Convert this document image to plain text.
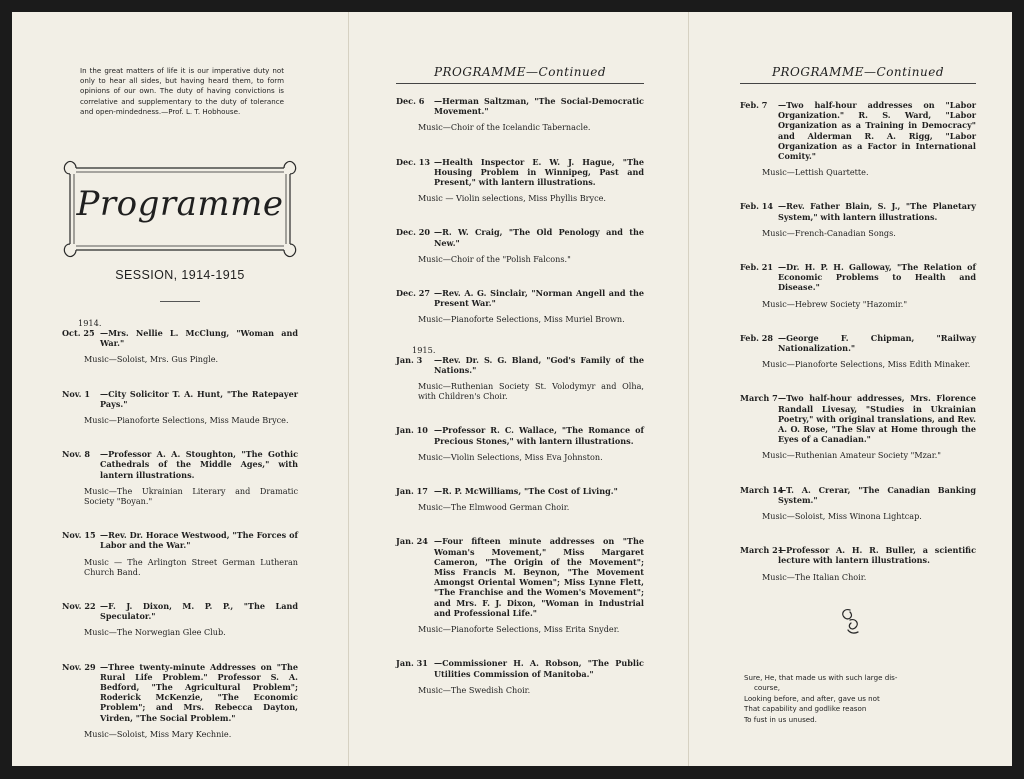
In the great matters of life it is our imperative duty not only to hear all sides, but having heard them, to form opinions of our own. The duty of having convictions is correlative and supplementary to the duty of tolerance and open-mindedness.—Prof. L. T. Hobhouse.

Programme
SESSION, 1914-1915

1914.

Oct. 25 —Mrs. Nellie L. McClung, "Woman and War."

Music—Soloist, Mrs. Gus Pingle.

Nov. 1 —City Solicitor T. A. Hunt, "The Ratepayer Pays."

Music—Pianoforte Selections, Miss Maude Bryce.

Nov. 8 —Professor A. A. Stoughton, "The Gothic Cathedrals of the Middle Ages," with lantern illustrations.

Music—The Ukrainian Literary and Dramatic Society "Boyan."

Nov. 15 —Rev. Dr. Horace Westwood, "The Forces of Labor and the War."

Music — The Arlington Street German Lutheran Church Band.

Nov. 22 —F. J. Dixon, M. P. P., "The Land Speculator."

Music—The Norwegian Glee Club.

Nov. 29 —Three twenty-minute Addresses on "The Rural Life Problem." Professor S. A. Bedford, "The Agricultural Problem"; Roderick McKenzie, "The Economic Problem"; and Mrs. Rebecca Dayton, Virden, "The Social Problem."

Music—Soloist, Miss Mary Kechnie.

PROGRAMME—Continued

Dec. 6 —Herman Saltzman, "The Social-Democratic Movement."

Music—Choir of the Icelandic Tabernacle.

Dec. 13 —Health Inspector E. W. J. Hague, "The Housing Problem in Winnipeg, Past and Present," with lantern illustrations.

Music — Violin selections, Miss Phyllis Bryce.

Dec. 20 —R. W. Craig, "The Old Penology and the New."

Music—Choir of the "Polish Falcons."

Dec. 27 —Rev. A. G. Sinclair, "Norman Angell and the Present War."

Music—Pianoforte Selections, Miss Muriel Brown.

1915.

Jan. 3 —Rev. Dr. S. G. Bland, "God's Family of the Nations."

Music—Ruthenian Society St. Volodymyr and Olha, with Children's Choir.

Jan. 10 —Professor R. C. Wallace, "The Romance of Precious Stones," with lantern illustrations.

Music—Violin Selections, Miss Eva Johnston.

Jan. 17 —R. P. McWilliams, "The Cost of Living."

Music—The Elmwood German Choir.

Jan. 24 —Four fifteen minute addresses on "The Woman's Movement," Miss Margaret Cameron, "The Origin of the Movement"; Miss Francis M. Beynon, "The Movement Amongst Oriental Women"; Miss Lynne Flett, "The Franchise and the Women's Movement"; and Mrs. F. J. Dixon, "Woman in Industrial and Professional Life."

Music—Pianoforte Selections, Miss Erita Snyder.

Jan. 31 —Commissioner H. A. Robson, "The Public Utilities Commission of Manitoba."

Music—The Swedish Choir.

PROGRAMME—Continued

Feb. 7 —Two half-hour addresses on "Labor Organization." R. S. Ward, "Labor Organization as a Training in Democracy" and Alderman R. A. Rigg, "Labor Organization as a Factor in International Comity."

Music—Lettish Quartette.

Feb. 14 —Rev. Father Blain, S. J., "The Planetary System," with lantern illustrations.

Music—French-Canadian Songs.

Feb. 21 —Dr. H. P. H. Galloway, "The Relation of Economic Problems to Health and Disease."

Music—Hebrew Society "Hazomir."

Feb. 28 —George F. Chipman, "Railway Nationalization."

Music—Pianoforte Selections, Miss Edith Minaker.

March 7 —Two half-hour addresses, Mrs. Florence Randall Livesay, "Studies in Ukrainian Poetry," with original translations, and Rev. A. O. Rose, "The Slav at Home through the Eyes of a Canadian."

Music—Ruthenian Amateur Society "Mzar."

March 14
—T. A. Crerar, "The Canadian Banking System."

Music—Soloist, Miss Winona Lightcap.

March 21
—Professor A. H. R. Buller, a scientific lecture with lantern illustrations.

Music—The Italian Choir.

Sure, He, that made us with such large dis-
course,
Looking before, and after, gave us not
That capability and godlike reason
To fust in us unused.
